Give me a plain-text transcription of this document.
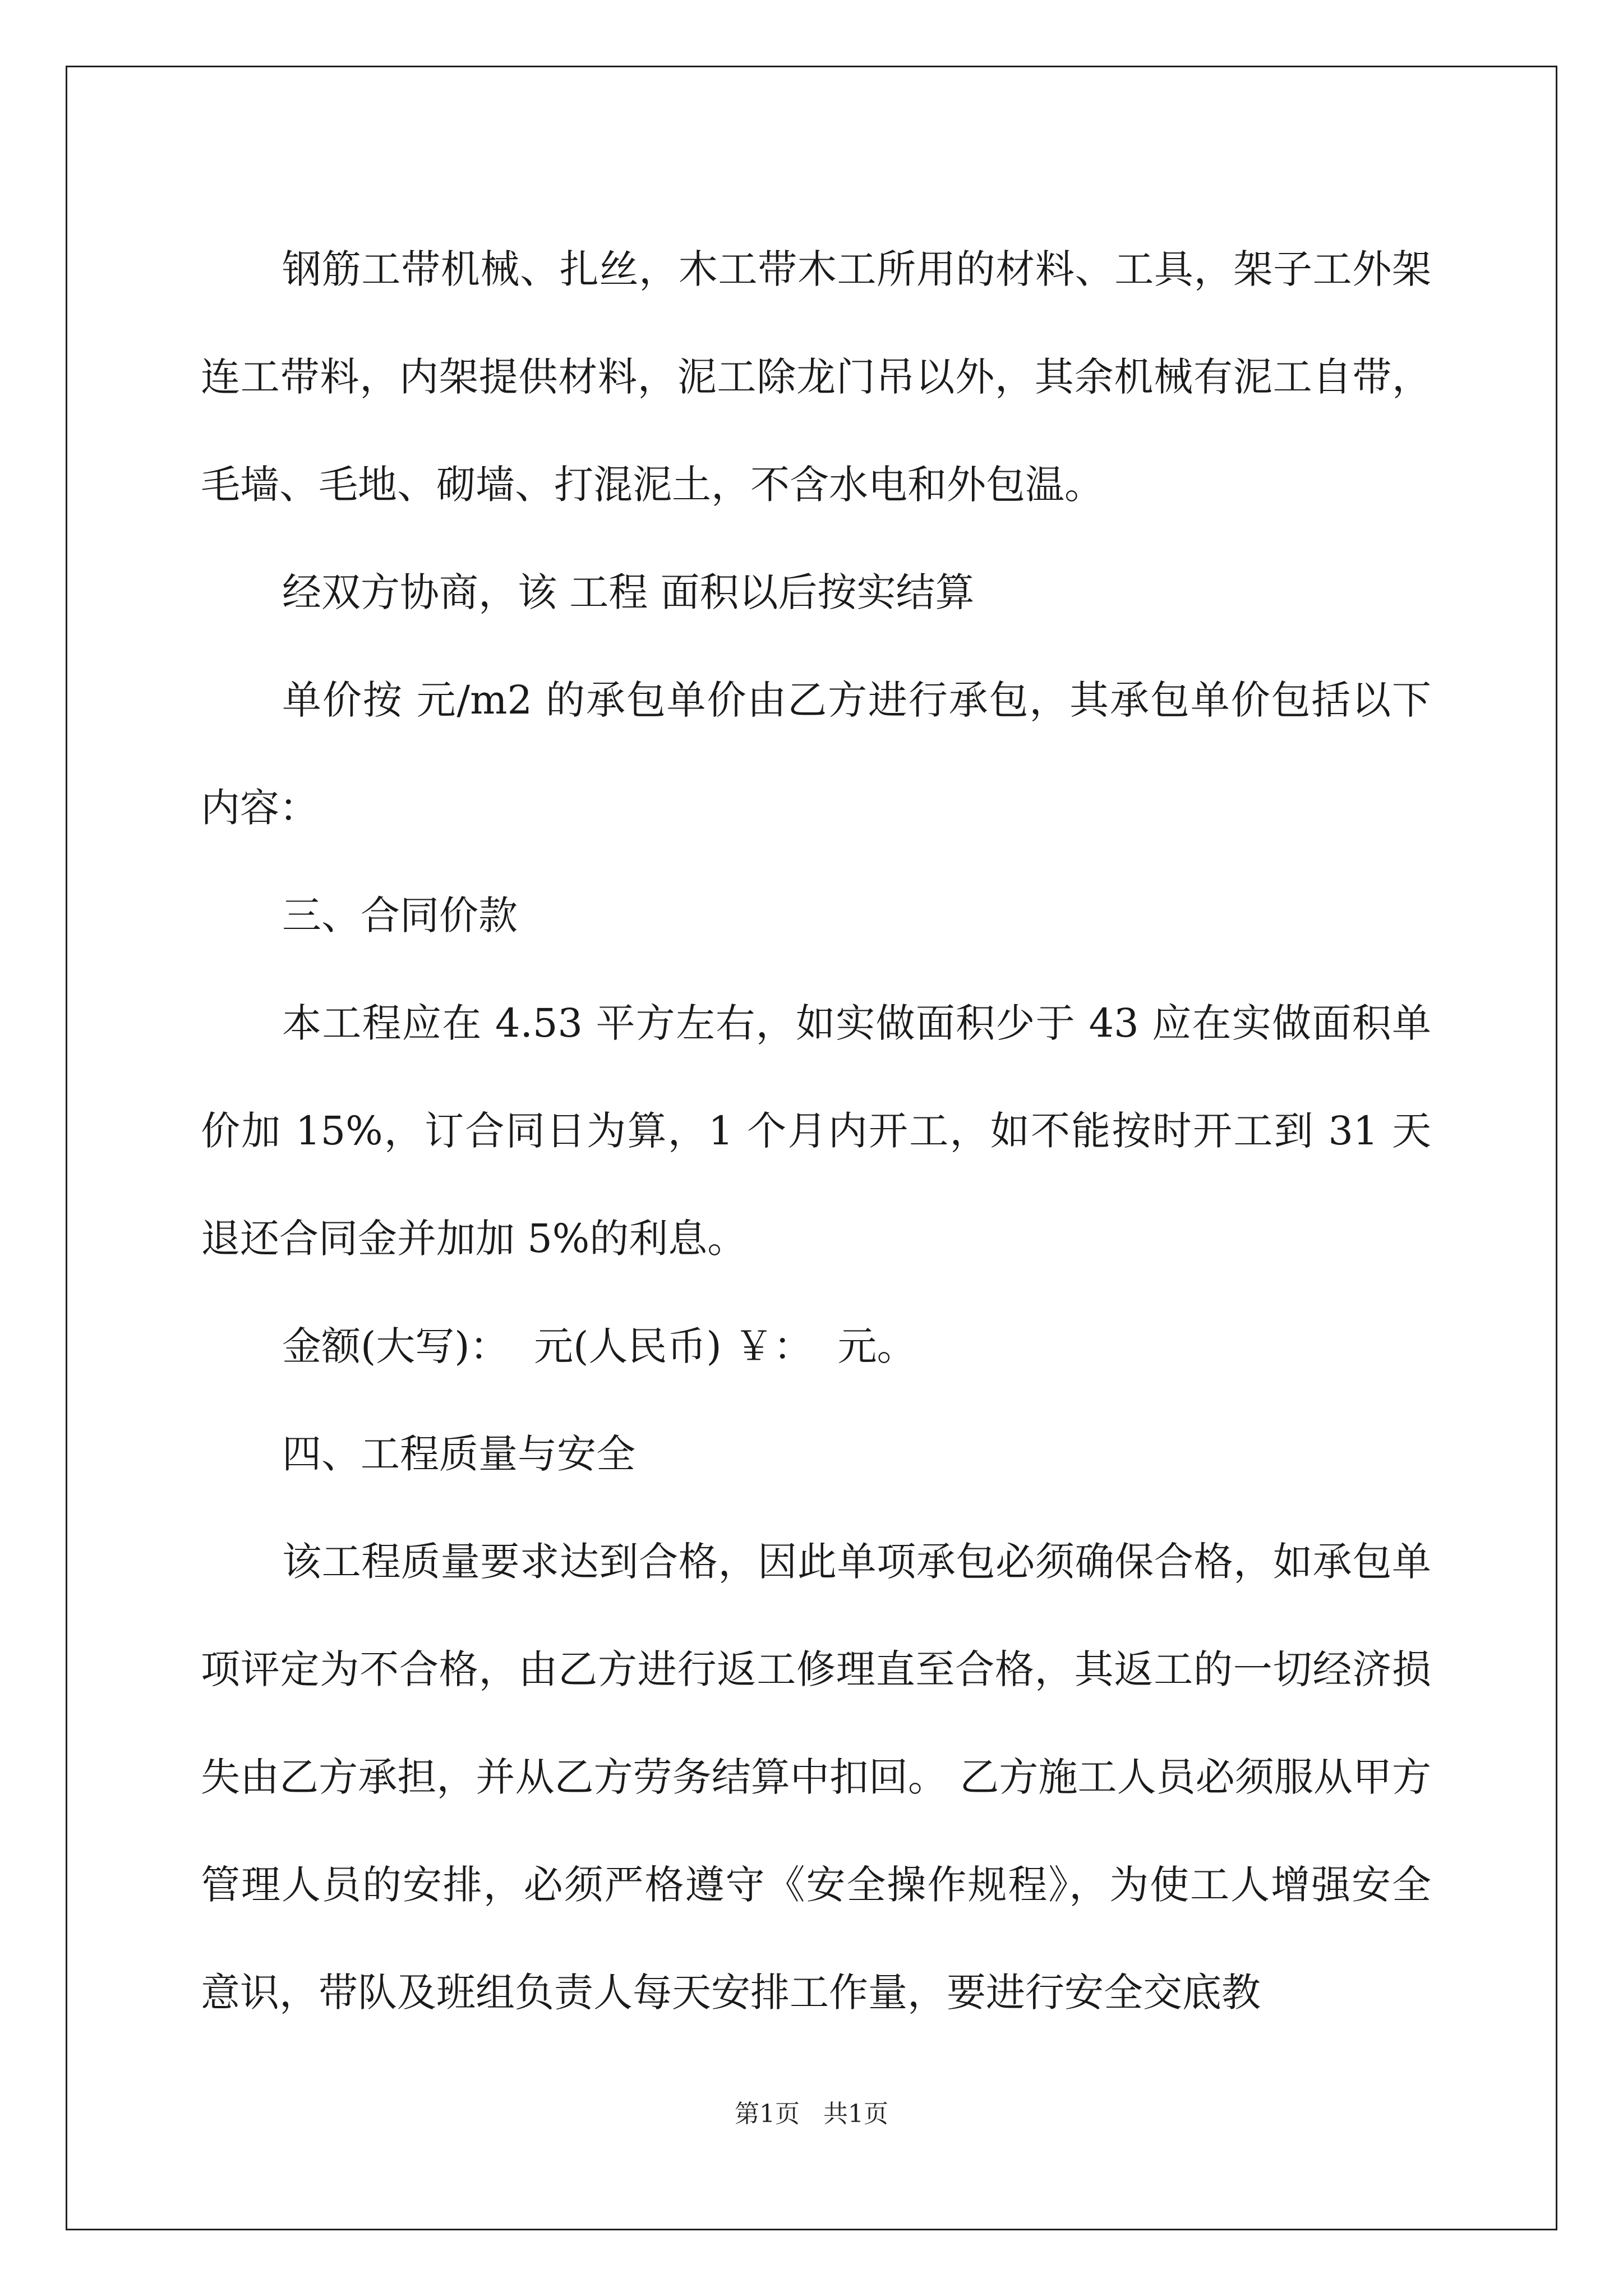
钢筋工带机械、扎丝，木工带木工所用的材料、工具，架子工外架连工带料，内架提供材料，泥工除龙门吊以外，其余机械有泥工自带，毛墙、毛地、砌墙、打混泥土，不含水电和外包温。

经双方协商，该 工程 面积以后按实结算

单价按 元/m2 的承包单价由乙方进行承包，其承包单价包括以下内容：

三、合同价款

本工程应在 4.53 平方左右，如实做面积少于 43 应在实做面积单价加 15%，订合同日为算，1 个月内开工，如不能按时开工到 31 天退还合同金并加加 5%的利息。

金额(大写)：  元(人民币) ￥：  元。

四、工程质量与安全

该工程质量要求达到合格，因此单项承包必须确保合格，如承包单项评定为不合格，由乙方进行返工修理直至合格，其返工的一切经济损失由乙方承担，并从乙方劳务结算中扣回。 乙方施工人员必须服从甲方管理人员的安排，必须严格遵守《安全操作规程》，为使工人增强安全意识，带队及班组负责人每天安排工作量，要进行安全交底教

第1页   共1页
